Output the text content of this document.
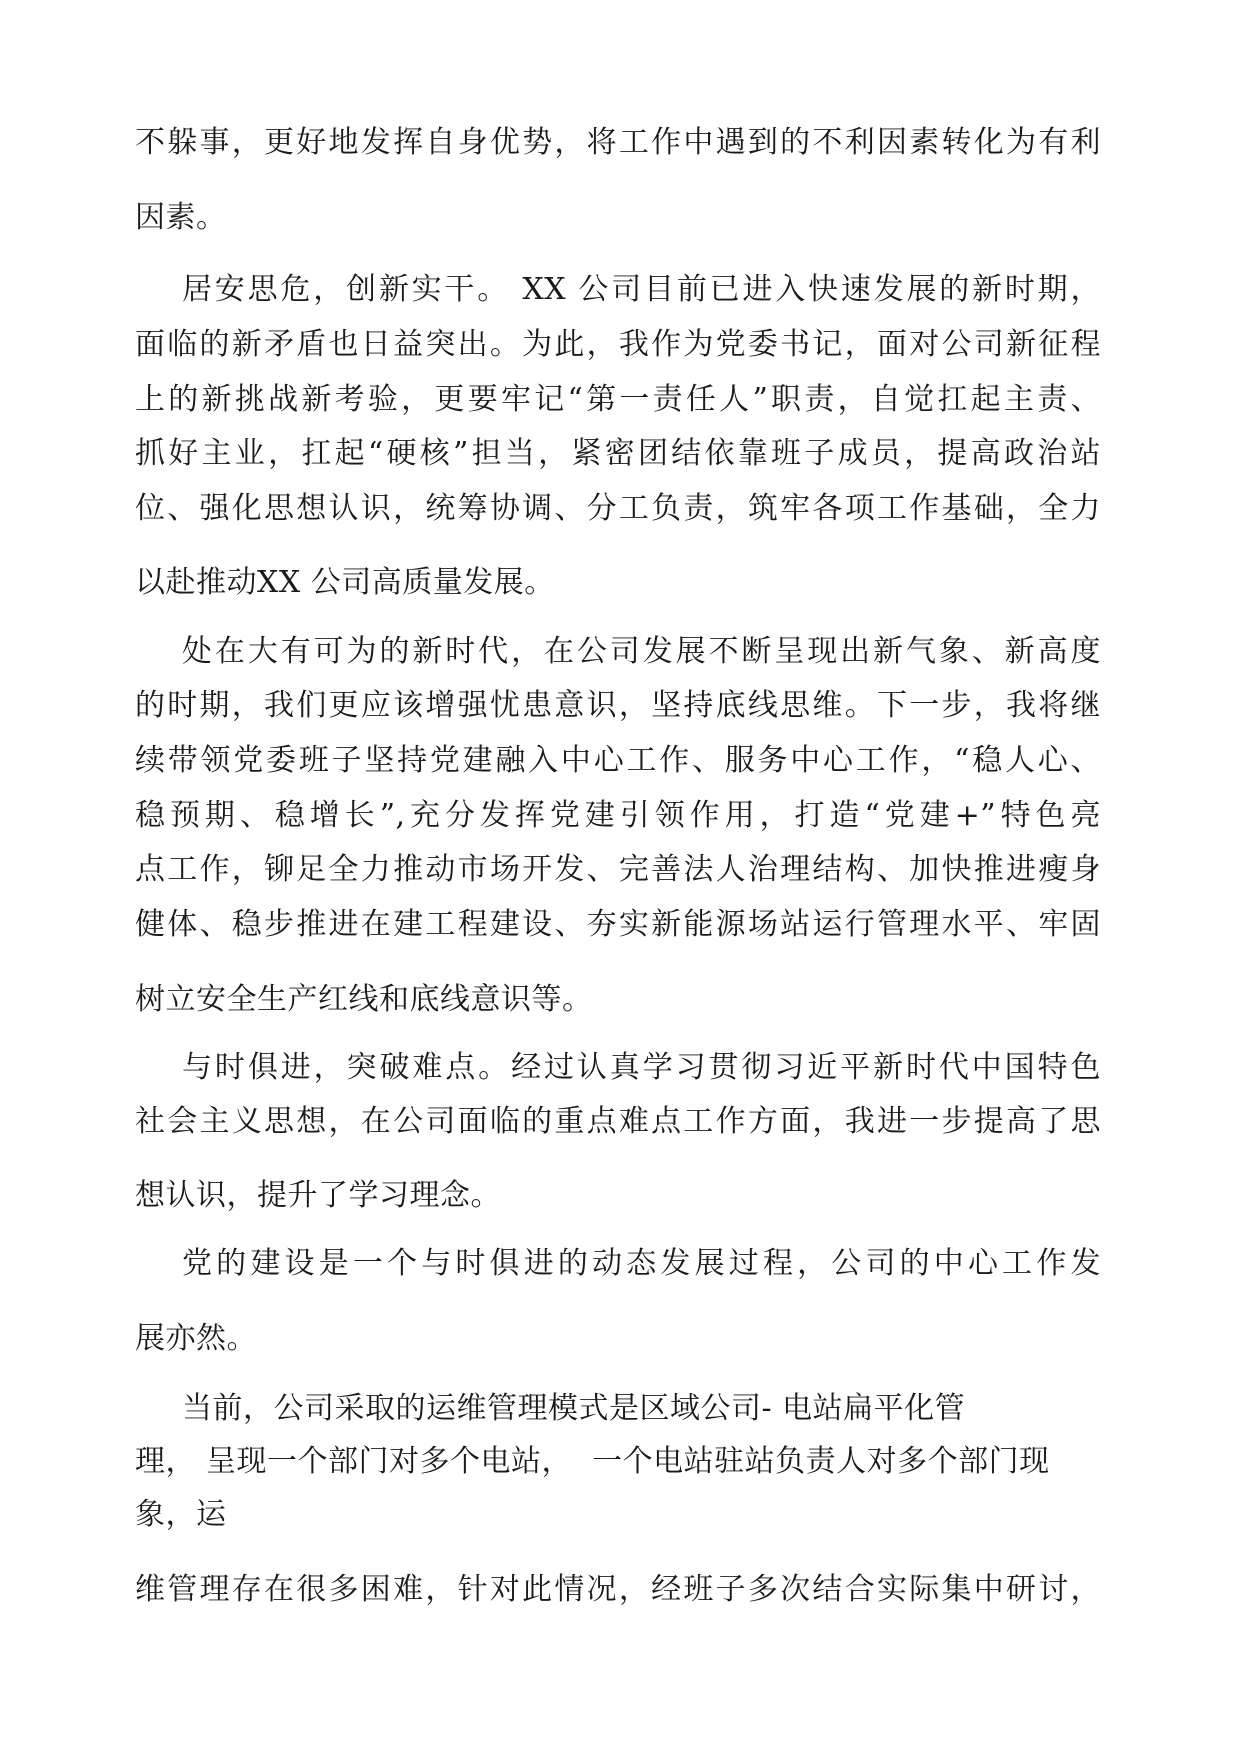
不躲事，更好地发挥自身优势，将工作中遇到的不利因素转化为有利
因素。
居安思危，创新实干。 XX 公司目前已进入快速发展的新时期，
面临的新矛盾也日益突出。为此，我作为党委书记，面对公司新征程
上的新挑战新考验，更要牢记“第一责任人”职责，自觉扛起主责、
抓好主业，扛起“硬核”担当，紧密团结依靠班子成员，提高政治站
位、强化思想认识，统筹协调、分工负责，筑牢各项工作基础，全力
以赴推动XX 公司高质量发展。
处在大有可为的新时代，在公司发展不断呈现出新气象、新高度
的时期，我们更应该增强忧患意识，坚持底线思维。下一步，我将继
续带领党委班子坚持党建融入中心工作、服务中心工作，“稳人心、
稳预期、稳增长”,充分发挥党建引领作用，打造“党建+”特色亮
点工作，铆足全力推动市场开发、完善法人治理结构、加快推进瘦身
健体、稳步推进在建工程建设、夯实新能源场站运行管理水平、牢固
树立安全生产红线和底线意识等。
与时俱进，突破难点。经过认真学习贯彻习近平新时代中国特色
社会主义思想，在公司面临的重点难点工作方面，我进一步提高了思
想认识，提升了学习理念。
党的建设是一个与时俱进的动态发展过程，公司的中心工作发
展亦然。
当前，公司采取的运维管理模式是区域公司- 电站扁平化管
理， 呈现一个部门对多个电站，  一个电站驻站负责人对多个部门现
象，运
维管理存在很多困难，针对此情况，经班子多次结合实际集中研讨，
